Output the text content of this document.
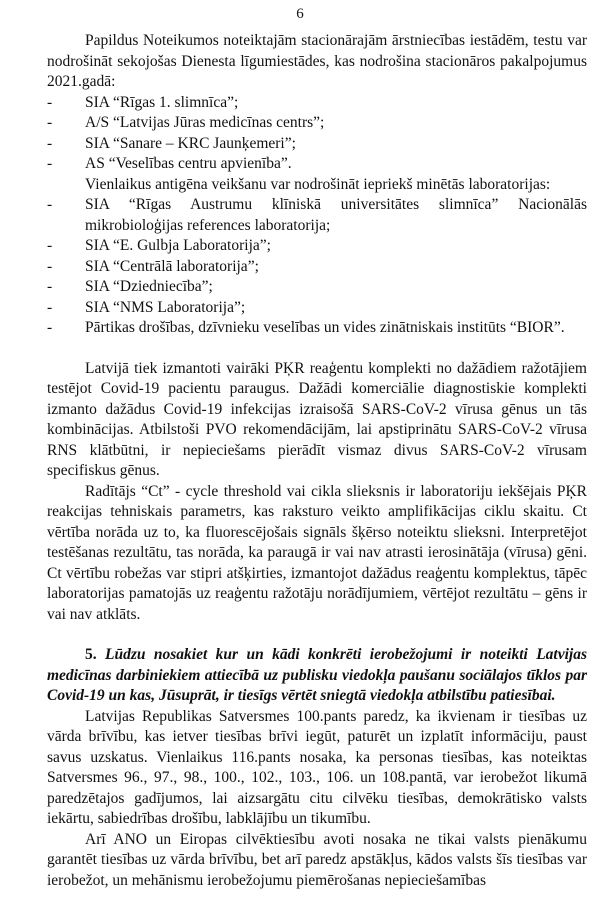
6

Papildus Noteikumos noteiktajām stacionārajām ārstniecības iestādēm, testu var nodrošināt sekojošas Dienesta līgumiestādes, kas nodrošina stacionāros pakalpojumus 2021.gadā:

- SIA “Rīgas 1. slimnīca”;
- A/S “Latvijas Jūras medicīnas centrs”;
- SIA “Sanare – KRC Jaunķemeri”;
- AS “Veselības centru apvienība”.

Vienlaikus antigēna veikšanu var nodrošināt iepriekš minētās laboratorijas:

- SIA “Rīgas Austrumu klīniskā universitātes slimnīca” Nacionālās mikrobioloģijas references laboratorija;
- SIA “E. Gulbja Laboratorija”;
- SIA “Centrālā laboratorija”;
- SIA “Dziedniecība”;
- SIA “NMS Laboratorija”;
- Pārtikas drošības, dzīvnieku veselības un vides zinātniskais institūts “BIOR”.

Latvijā tiek izmantoti vairāki PĶR reaģentu komplekti no dažādiem ražotājiem testējot Covid-19 pacientu paraugus. Dažādi komerciālie diagnostiskie komplekti izmanto dažādus Covid-19 infekcijas izraisošā SARS-CoV-2 vīrusa gēnus un tās kombinācijas. Atbilstoši PVO rekomendācijām, lai apstiprinātu SARS-CoV-2 vīrusa RNS klātbūtni, ir nepieciešams pierādīt vismaz divus SARS-CoV-2 vīrusam specifiskus gēnus.

Radītājs “Ct” - cycle threshold vai cikla slieksnis ir laboratoriju iekšējais PĶR reakcijas tehniskais parametrs, kas raksturo veikto amplifikācijas ciklu skaitu. Ct vērtība norāda uz to, ka fluorescējošais signāls šķērso noteiktu slieksni. Interpretējot testēšanas rezultātu, tas norāda, ka paraugā ir vai nav atrasti ierosinātāja (vīrusa) gēni. Ct vērtību robežas var stipri atšķirties, izmantojot dažādus reaģentu komplektus, tāpēc laboratorijas pamatojās uz reaģentu ražotāju norādījumiem, vērtējot rezultātu – gēns ir vai nav atklāts.

5. Lūdzu nosakiet kur un kādi konkrēti ierobežojumi ir noteikti Latvijas medicīnas darbiniekiem attiecībā uz publisku viedokļa paušanu sociālajos tīklos par Covid-19 un kas, Jūsuprāt, ir tiesīgs vērtēt sniegtā viedokļa atbilstību patiesībai.

Latvijas Republikas Satversmes 100.pants paredz, ka ikvienam ir tiesības uz vārda brīvību, kas ietver tiesības brīvi iegūt, paturēt un izplatīt informāciju, paust savus uzskatus. Vienlaikus 116.pants nosaka, ka personas tiesības, kas noteiktas Satversmes 96., 97., 98., 100., 102., 103., 106. un 108.pantā, var ierobežot likumā paredzētajos gadījumos, lai aizsargātu citu cilvēku tiesības, demokrātisko valsts iekārtu, sabiedrības drošību, labklājību un tikumību.

Arī ANO un Eiropas cilvēktiesību avoti nosaka ne tikai valsts pienākumu garantēt tiesības uz vārda brīvību, bet arī paredz apstākļus, kādos valsts šīs tiesības var ierobežot, un mehānismu ierobežojumu piemērošanas nepieciešamības
